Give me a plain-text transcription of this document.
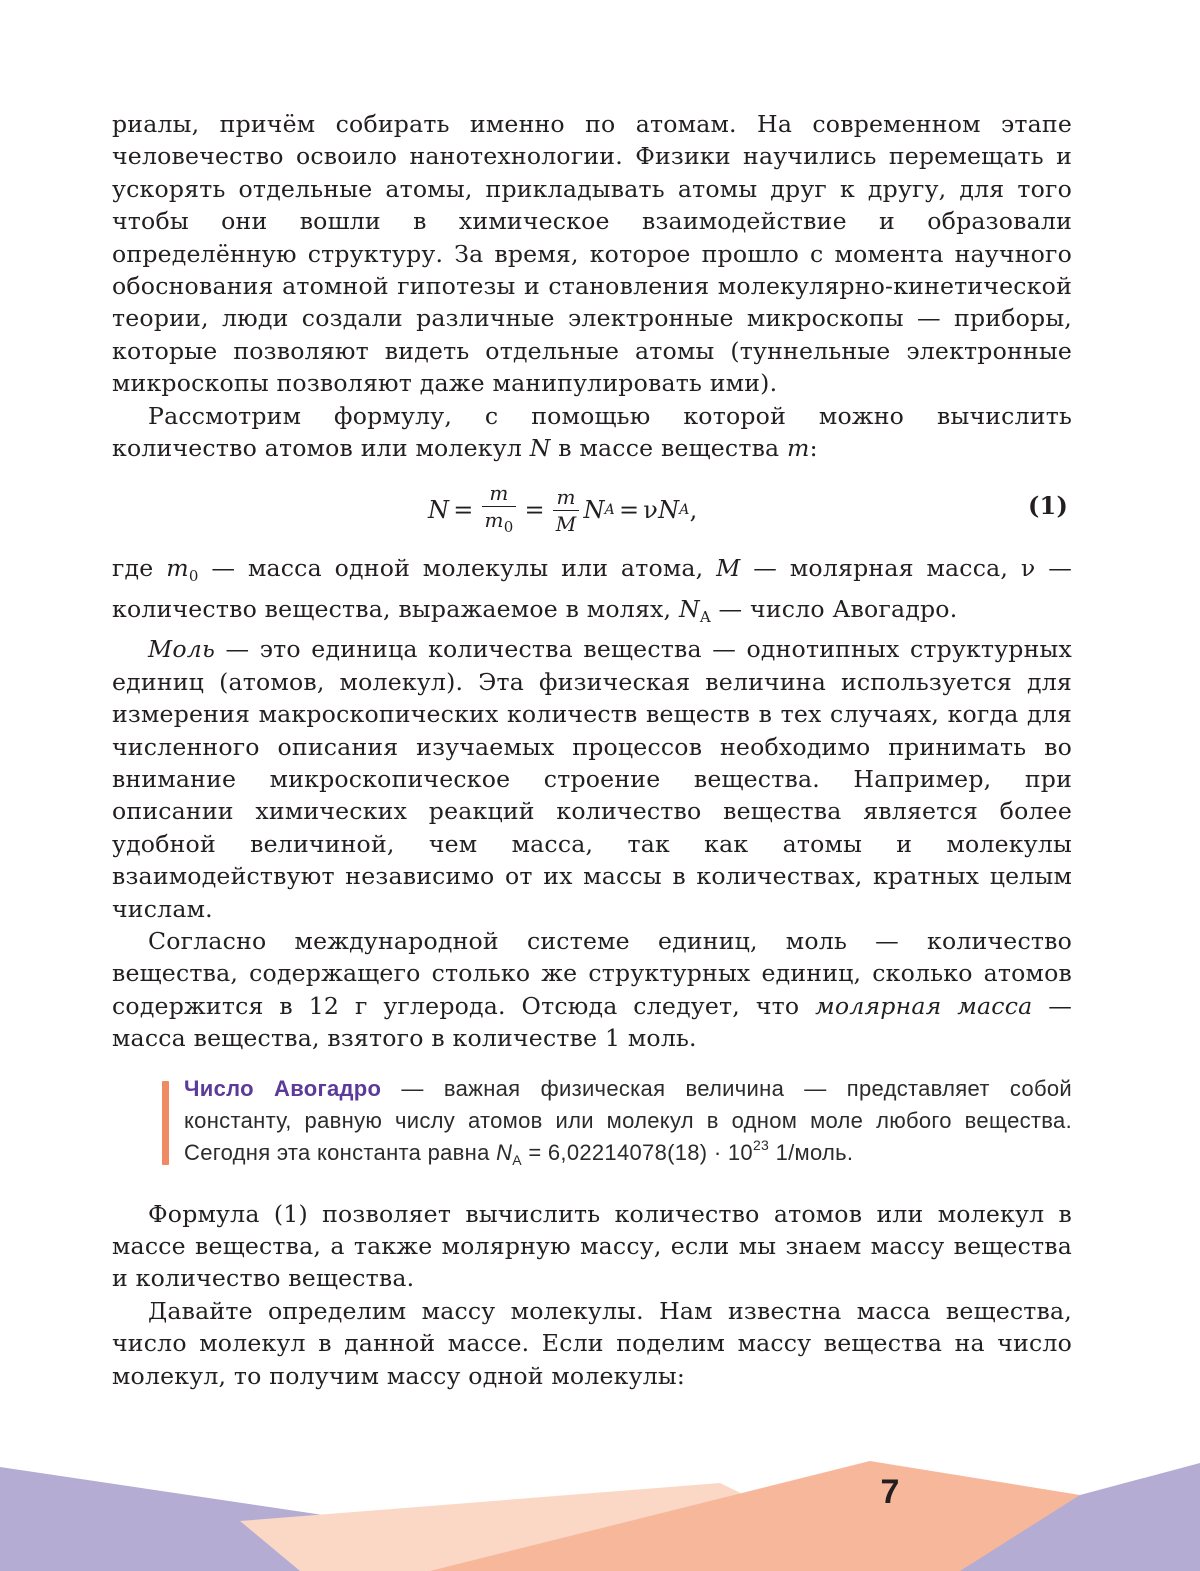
риалы, причём собирать именно по атомам. На современном этапе человечество освоило нанотехнологии. Физики научились перемещать и ускорять отдельные атомы, прикладывать атомы друг к другу, для того чтобы они вошли в химическое взаимодействие и образовали определённую структуру. За время, которое прошло с момента научного обоснования атомной гипотезы и становления молекулярно-кинетической теории, люди создали различные электронные микроскопы — приборы, которые позволяют видеть отдельные атомы (туннельные электронные микроскопы позволяют даже манипулировать ими).

Рассмотрим формулу, с помощью которой можно вычислить количество атомов или молекул N в массе вещества m:

$N = \frac{m}{m_0} = \frac{m}{M}$ N A = ν N A ,	(1)

где $m_0$ — масса одной молекулы или атома, M — молярная масса, ν — количество вещества, выражаемое в молях, $N_A$ — число Авогадро.

Моль — это единица количества вещества — однотипных структурных единиц (атомов, молекул). Эта физическая величина используется для измерения макроскопических количеств веществ в тех случаях, когда для численного описания изучаемых процессов необходимо принимать во внимание микроскопическое строение вещества. Например, при описании химических реакций количество вещества является более удобной величиной, чем масса, так как атомы и молекулы взаимодействуют независимо от их массы в количествах, кратных целым числам.

Согласно международной системе единиц, моль — количество вещества, содержащего столько же структурных единиц, сколько атомов содержится в 12 г углерода. Отсюда следует, что молярная масса — масса вещества, взятого в количестве 1 моль.

Число Авогадро — важная физическая величина — представляет собой константу, равную числу атомов или молекул в одном моле любого вещества. Сегодня эта константа равна $N_A = 6,02214078(18) \cdot 10^{23}$ 1/моль.

Формула (1) позволяет вычислить количество атомов или молекул в массе вещества, а также молярную массу, если мы знаем массу вещества и количество вещества.

Давайте определим массу молекулы. Нам известна масса вещества, число молекул в данной массе. Если поделим массу вещества на число молекул, то получим массу одной молекулы:

7
